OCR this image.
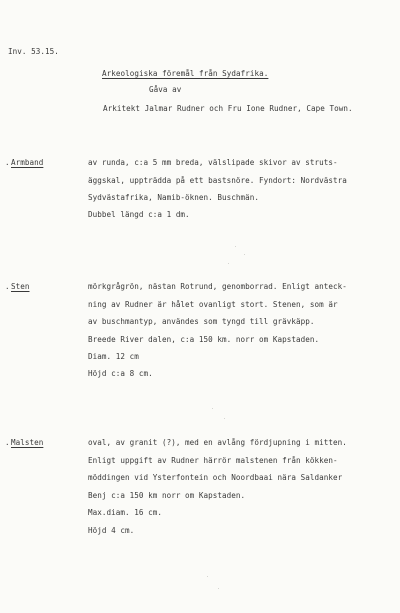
Inv. 53.15.
Arkeologiska föremål från Sydafrika.
Gåva av
Arkitekt Jalmar Rudner och Fru Ione Rudner, Cape Town.
. Armband	av runda, c:a 5 mm breda, välslipade skivor av struts-
äggskal, uppträdda på ett bastsnöre. Fyndort: Nordvästra
Sydvästafrika, Namib-öknen. Buschmän.
Dubbel längd c:a 1 dm.
. Sten	mörkgrågrön, nästan Rotrund, genomborrad. Enligt anteck-
ning av Rudner är hålet ovanligt stort. Stenen, som är
av buschmantyp, användes som tyngd till grävkäpp.
Breede River dalen, c:a 150 km. norr om Kapstaden.
Diam. 12 cm
Höjd c:a 8 cm.
. Malsten	oval, av granit (?), med en avlång fördjupning i mitten.
Enligt uppgift av Rudner härrör malstenen från kökken-
möddingen vid Ysterfontein och Noordbaai nära Saldanker
Benj c:a 150 km norr om Kapstaden.
Max.diam. 16 cm.
Höjd 4 cm.
